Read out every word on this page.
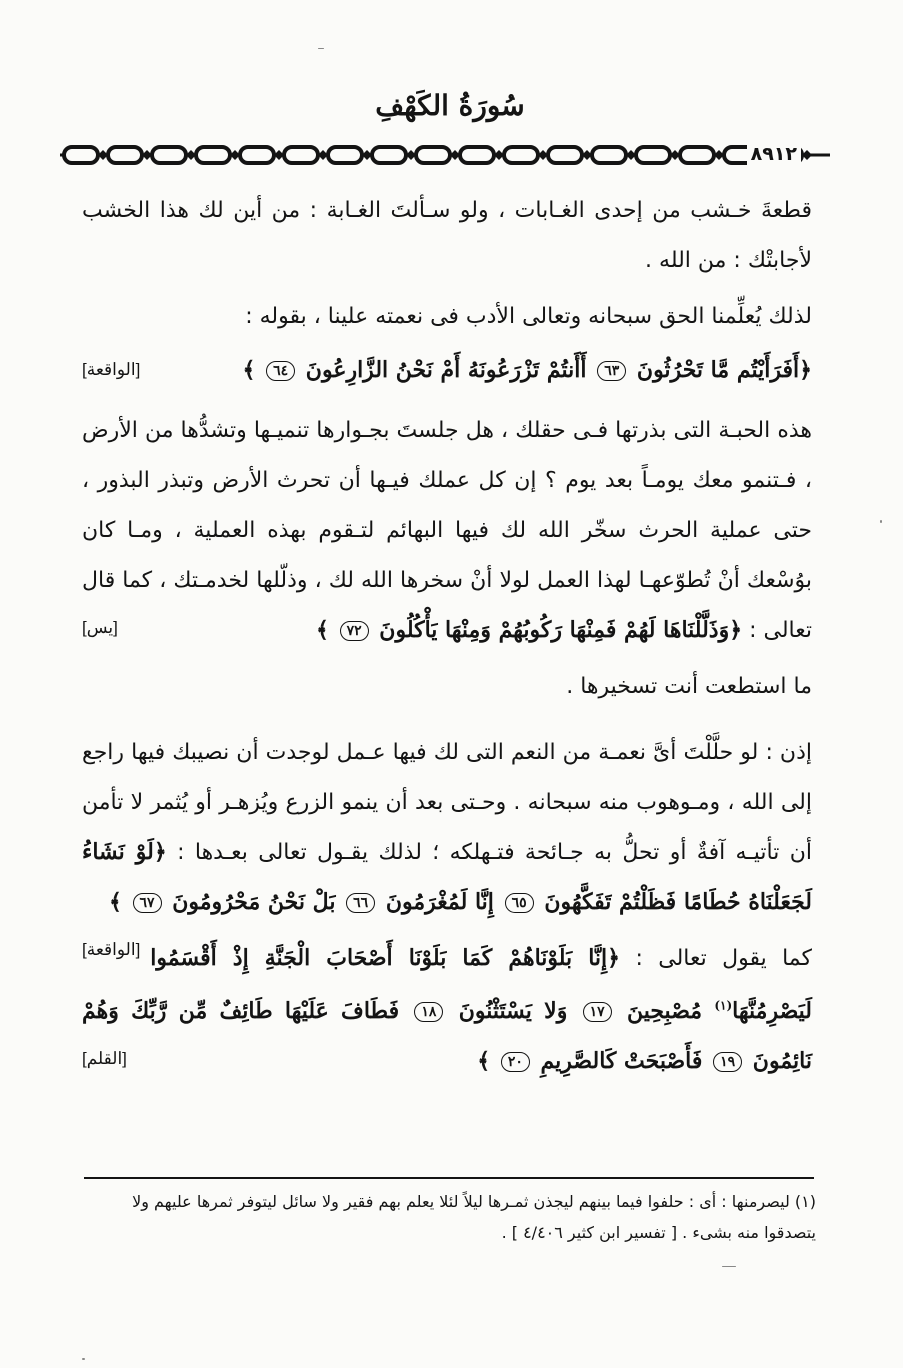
سُورَةُ الكَهْفِ
٨٩١٢

قطعةَ خـشب من إحدى الغـابات ، ولو سـألتَ الغـابة : من أين لك هذا الخشب لأجابتْك : من الله .

لذلك يُعلِّمنا الحق سبحانه وتعالى الأدب فى نعمته علينا ، بقوله :

﴿أَفَرَأَيْتُم مَّا تَحْرُثُونَ ٦٣ أَأَنتُمْ تَزْرَعُونَهُ أَمْ نَحْنُ الزَّارِعُونَ ٦٤ ﴾
[الواقعة]

هذه الحبـة التى بذرتها فـى حقلك ، هل جلستَ بجـوارها تنميـها وتشدُّها من الأرض ، فـتنمو معك يومـاً بعد يوم ؟ إن كل عملك فيـها أن تحرث الأرض وتبذر البذور ، حتى عملية الحرث سخّر الله لك فيها البهائم لتـقوم بهذه العملية ، ومـا كان بوُسْعك أنْ تُطوّعهـا لهذا العمل لولا أنْ سخرها الله لك ، وذلّلها لخدمـتك ، كما قال تعالى : ﴿وَذَلَّلْنَاهَا لَهُمْ فَمِنْهَا رَكُوبُهُمْ وَمِنْهَا يَأْكُلُونَ ٧٢ ﴾
[يس]

ما استطعت أنت تسخيرها .

إذن : لو حلَّلْتَ أىَّ نعمـة من النعم التى لك فيها عـمل لوجدت أن نصيبك فيها راجع إلى الله ، ومـوهوب منه سبحانه . وحـتى بعد أن ينمو الزرع ويُزهـر أو يُثمر لا تأمن أن تأتيـه آفةٌ أو تحلُّ به جـائحة فتـهلكه ؛ لذلك يقـول تعالى بعـدها : ﴿لَوْ نَشَاءُ لَجَعَلْنَاهُ حُطَامًا فَظَلْتُمْ تَفَكَّهُونَ ٦٥ إِنَّا لَمُغْرَمُونَ ٦٦ بَلْ نَحْنُ مَحْرُومُونَ ٦٧ ﴾
[الواقعة]	كما يقول تعالى : ﴿إِنَّا بَلَوْنَاهُمْ كَمَا بَلَوْنَا أَصْحَابَ الْجَنَّةِ إِذْ أَقْسَمُوا لَيَصْرِمُنَّهَا$^{(١)}$ مُصْبِحِينَ ١٧ وَلا يَسْتَثْنُونَ ١٨ فَطَافَ عَلَيْهَا طَائِفٌ مِّن رَّبِّكَ وَهُمْ نَائِمُونَ ١٩ فَأَصْبَحَتْ كَالصَّرِيمِ ٢٠ ﴾
[القلم]

(١) ليصرمنها : أى : حلفوا فيما بينهم ليجذن ثمـرها ليلاً لئلا يعلم بهم فقير ولا سائل ليتوفر ثمرها عليهم ولا يتصدقوا منه بشىء . [ تفسير ابن كثير ٤/٤٠٦ ] .
